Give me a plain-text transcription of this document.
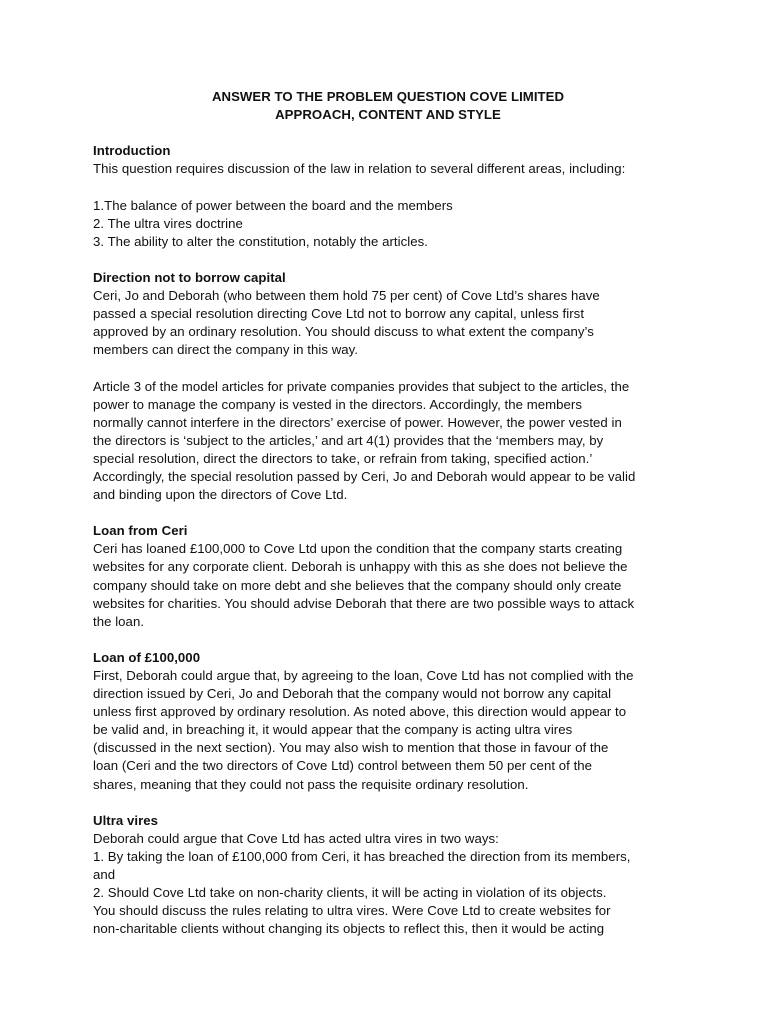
ANSWER TO THE PROBLEM QUESTION COVE LIMITED

APPROACH, CONTENT AND STYLE

Introduction

This question requires discussion of the law in relation to several different areas, including:

1.The balance of power between the board and the members
2. The ultra vires doctrine
3. The ability to alter the constitution, notably the articles.

Direction not to borrow capital

Ceri, Jo and Deborah (who between them hold 75 per cent) of Cove Ltd’s shares have
passed a special resolution directing Cove Ltd not to borrow any capital, unless first
approved by an ordinary resolution. You should discuss to what extent the company’s
members can direct the company in this way.

Article 3 of the model articles for private companies provides that subject to the articles, the
power to manage the company is vested in the directors. Accordingly, the members
normally cannot interfere in the directors’ exercise of power. However, the power vested in
the directors is ‘subject to the articles,’ and art 4(1) provides that the ‘members may, by
special resolution, direct the directors to take, or refrain from taking, specified action.’
Accordingly, the special resolution passed by Ceri, Jo and Deborah would appear to be valid
and binding upon the directors of Cove Ltd.

Loan from Ceri

Ceri has loaned £100,000 to Cove Ltd upon the condition that the company starts creating
websites for any corporate client. Deborah is unhappy with this as she does not believe the
company should take on more debt and she believes that the company should only create
websites for charities. You should advise Deborah that there are two possible ways to attack
the loan.

Loan of £100,000

First, Deborah could argue that, by agreeing to the loan, Cove Ltd has not complied with the
direction issued by Ceri, Jo and Deborah that the company would not borrow any capital
unless first approved by ordinary resolution. As noted above, this direction would appear to
be valid and, in breaching it, it would appear that the company is acting ultra vires
(discussed in the next section). You may also wish to mention that those in favour of the
loan (Ceri and the two directors of Cove Ltd) control between them 50 per cent of the
shares, meaning that they could not pass the requisite ordinary resolution.

Ultra vires

Deborah could argue that Cove Ltd has acted ultra vires in two ways:
1. By taking the loan of £100,000 from Ceri, it has breached the direction from its members,
and
2. Should Cove Ltd take on non-charity clients, it will be acting in violation of its objects.
You should discuss the rules relating to ultra vires. Were Cove Ltd to create websites for
non-charitable clients without changing its objects to reflect this, then it would be acting
